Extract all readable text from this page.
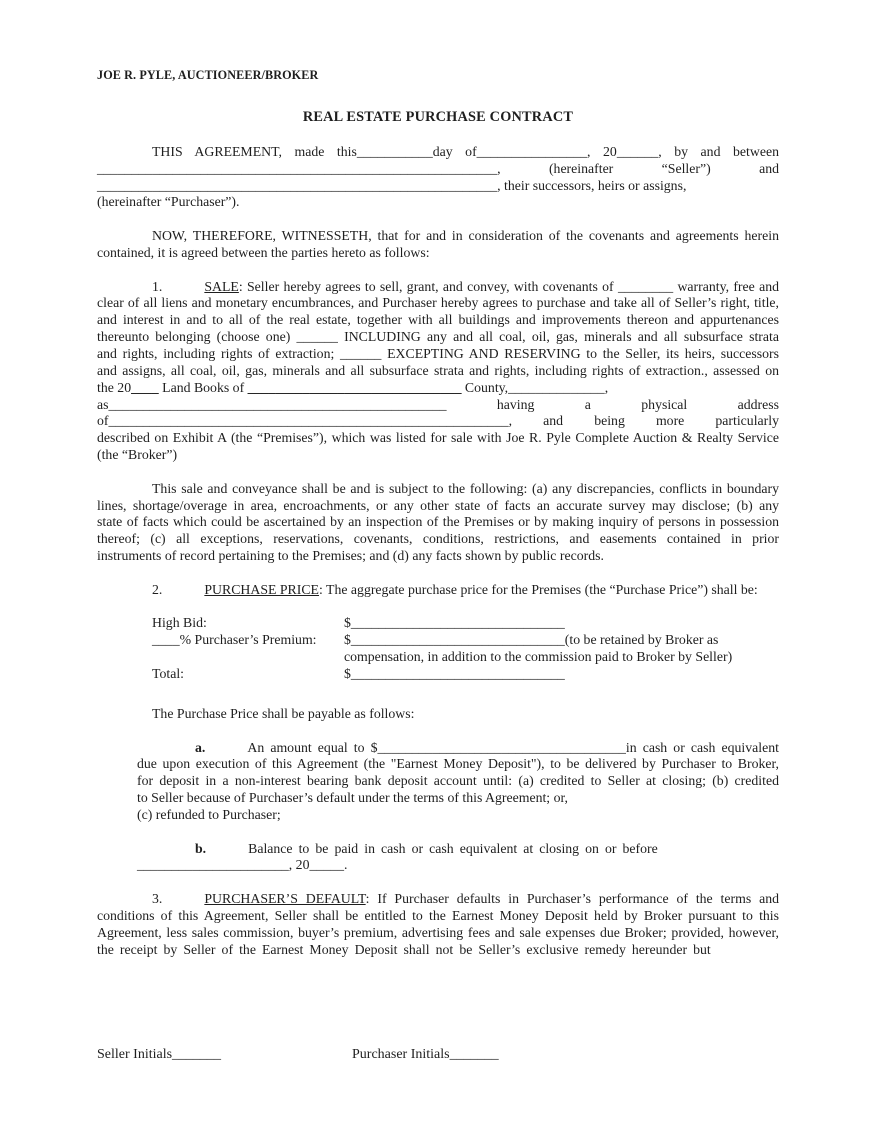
JOE R. PYLE, AUCTIONEER/BROKER
REAL ESTATE PURCHASE CONTRACT
THIS AGREEMENT, made this___________day of________________, 20______, by and between
__________________________________________________________, (hereinafter “Seller”) and
__________________________________________________________, their successors, heirs or assigns,
(hereinafter “Purchaser”).
NOW, THEREFORE, WITNESSETH, that for and in consideration of the covenants and agreements herein
contained, it is agreed between the parties hereto as follows:
1.	SALE: Seller hereby agrees to sell, grant, and convey, with covenants of ________ warranty, free and
clear of all liens and monetary encumbrances, and Purchaser hereby agrees to purchase and take all of Seller’s right, title,
and interest in and to all of the real estate, together with all buildings and improvements thereon and appurtenances
thereunto belonging (choose one) ______ INCLUDING any and all coal, oil, gas, minerals and all subsurface strata
and rights, including rights of extraction; ______ EXCEPTING AND RESERVING to the Seller, its heirs, successors
and assigns, all coal, oil, gas, minerals and all subsurface strata and rights, including rights of extraction., assessed on
the 20____ Land Books of _______________________________ County,______________,
as_________________________________________________ having a physical address
of__________________________________________________________, and being more particularly
described on Exhibit A (the “Premises”), which was listed for sale with Joe R. Pyle Complete Auction & Realty Service
(the “Broker”)
This sale and conveyance shall be and is subject to the following: (a) any discrepancies, conflicts in boundary
lines, shortage/overage in area, encroachments, or any other state of facts an accurate survey may disclose; (b) any
state of facts which could be ascertained by an inspection of the Premises or by making inquiry of persons in possession
thereof; (c) all exceptions, reservations, covenants, conditions, restrictions, and easements contained in prior
instruments of record pertaining to the Premises; and (d) any facts shown by public records.
2.	PURCHASE PRICE: The aggregate purchase price for the Premises (the “Purchase Price”) shall be:
High Bid:	$_______________________________
____% Purchaser’s Premium: $_______________________________(to be retained by Broker as
compensation, in addition to the commission paid to Broker by Seller)
Total:	$_______________________________
The Purchase Price shall be payable as follows:
a.	An amount equal to $____________________________________in cash or cash equivalent
due upon execution of this Agreement (the "Earnest Money Deposit"), to be delivered by Purchaser to Broker,
for deposit in a non-interest bearing bank deposit account until: (a) credited to Seller at closing; (b) credited
to Seller because of Purchaser’s default under the terms of this Agreement; or,
(c) refunded to Purchaser;
b.	Balance to be paid in cash or cash equivalent at closing on or before
______________________, 20_____.
3.	PURCHASER’S DEFAULT: If Purchaser defaults in Purchaser’s performance of the terms and
conditions of this Agreement, Seller shall be entitled to the Earnest Money Deposit held by Broker pursuant to this
Agreement, less sales commission, buyer’s premium, advertising fees and sale expenses due Broker; provided, however,
the receipt by Seller of the Earnest Money Deposit shall not be Seller’s exclusive remedy hereunder but
Seller Initials_______	Purchaser Initials_______
